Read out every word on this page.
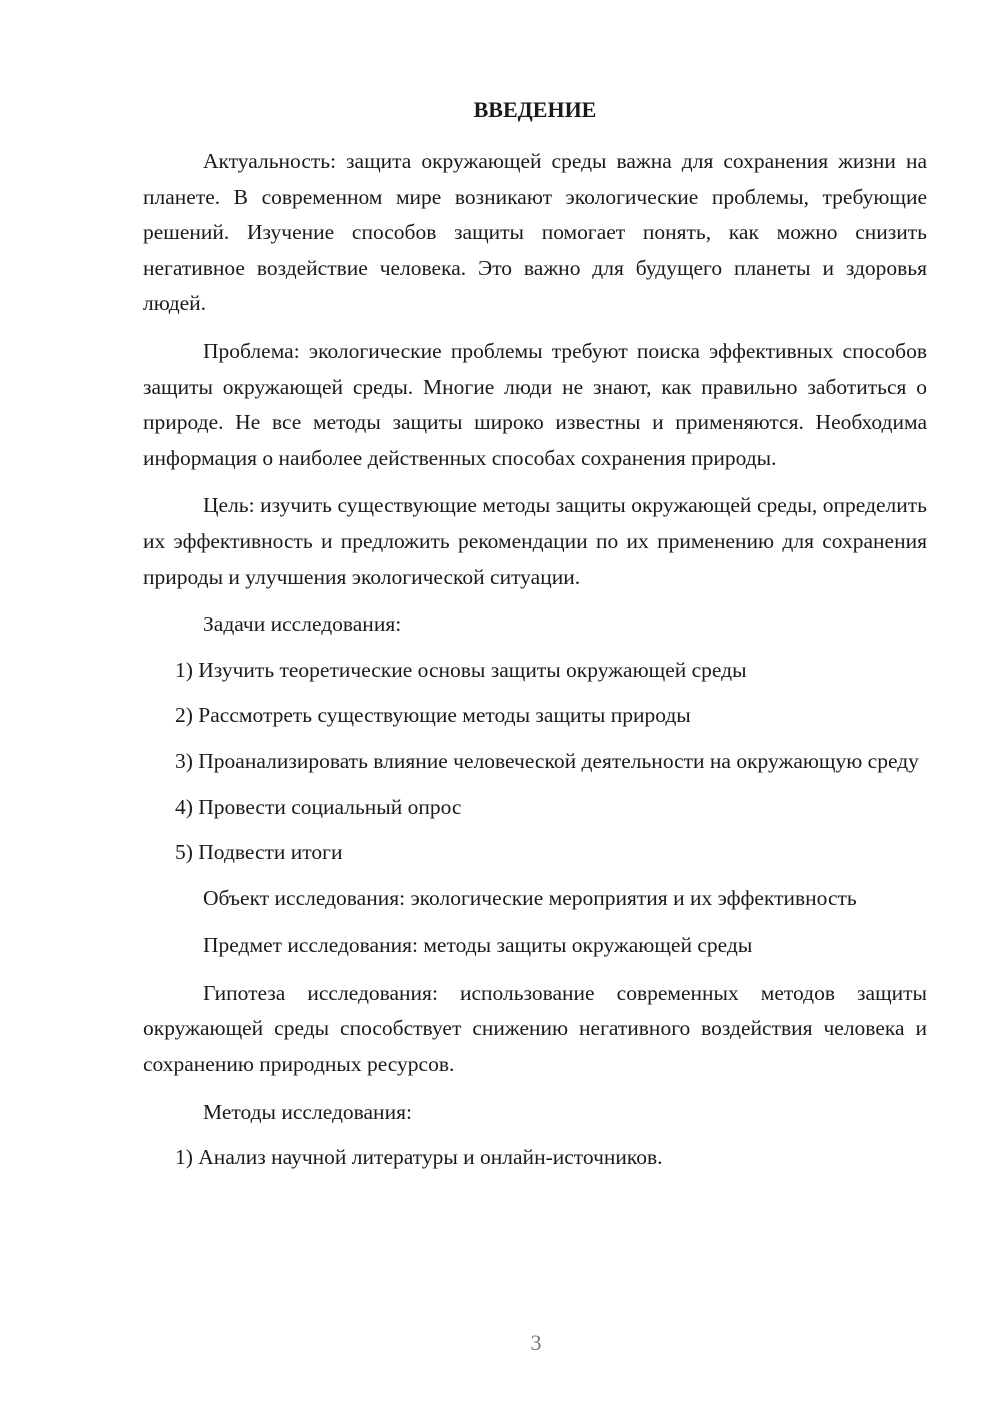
ВВЕДЕНИЕ

Актуальность: защита окружающей среды важна для сохранения жизни на планете. В современном мире возникают экологические проблемы, требующие решений. Изучение способов защиты помогает понять, как можно снизить негативное воздействие человека. Это важно для будущего планеты и здоровья людей.

Проблема: экологические проблемы требуют поиска эффективных способов защиты окружающей среды. Многие люди не знают, как правильно заботиться о природе. Не все методы защиты широко известны и применяются. Необходима информация о наиболее действенных способах сохранения природы.

Цель: изучить существующие методы защиты окружающей среды, определить их эффективность и предложить рекомендации по их применению для сохранения природы и улучшения экологической ситуации.

Задачи исследования:

1) Изучить теоретические основы защиты окружающей среды

2) Рассмотреть существующие методы защиты природы

3) Проанализировать влияние человеческой деятельности на окружающую среду

4) Провести социальный опрос

5) Подвести итоги

Объект исследования: экологические мероприятия и их эффективность

Предмет исследования: методы защиты окружающей среды

Гипотеза исследования: использование современных методов защиты окружающей среды способствует снижению негативного воздействия человека и сохранению природных ресурсов.

Методы исследования:

1) Анализ научной литературы и онлайн-источников.

3
